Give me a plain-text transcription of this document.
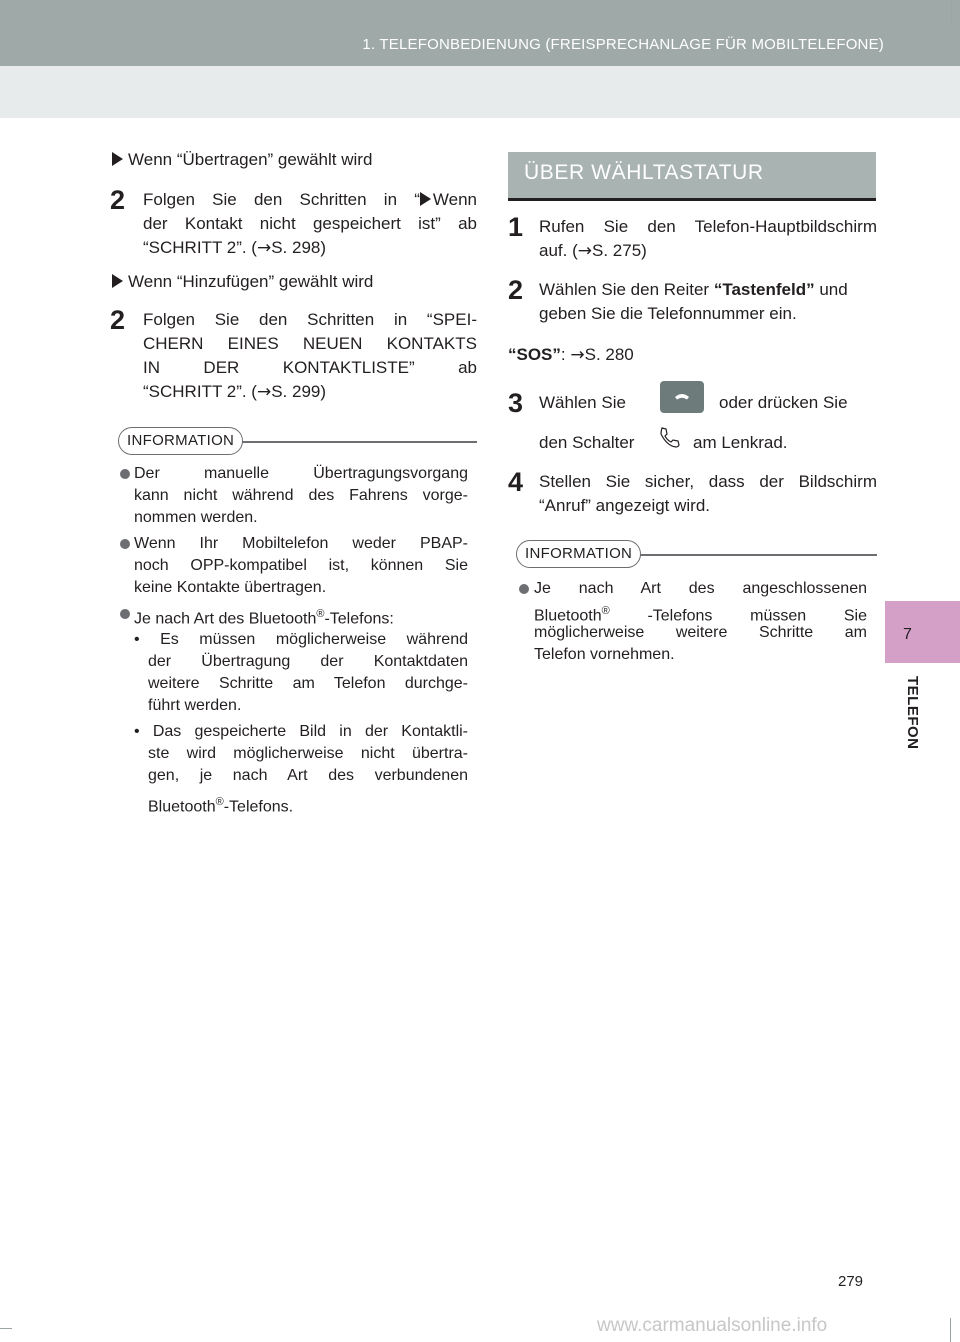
1. TELEFONBEDIENUNG (FREISPRECHANLAGE FÜR MOBILTELEFONE)
7
TELEFON
Wenn “Übertragen” gewählt wird
2 Folgen Sie den Schritten in “ Wenn
der Kontakt nicht gespeichert ist” ab
“SCHRITT 2”. (→S. 298)
Wenn “Hinzufügen” gewählt wird
2 Folgen Sie den Schritten in “SPEI-
CHERN EINES NEUEN KONTAKTS
IN DER KONTAKTLISTE” ab
“SCHRITT 2”. (→S. 299)
INFORMATION
Der manuelle Übertragungsvorgang
kann nicht während des Fahrens vorge-
nommen werden.
Wenn Ihr Mobiltelefon weder PBAP-
noch OPP-kompatibel ist, können Sie
keine Kontakte übertragen.
Je nach Art des Bluetooth®-Telefons:
• Es müssen möglicherweise während
der Übertragung der Kontaktdaten
weitere Schritte am Telefon durchge-
führt werden.
• Das gespeicherte Bild in der Kontaktli-
ste wird möglicherweise nicht übertra-
gen, je nach Art des verbundenen
Bluetooth®-Telefons.
ÜBER WÄHLTASTATUR
1 Rufen Sie den Telefon-Hauptbildschirm
auf. (→S. 275)
2 Wählen Sie den Reiter “Tastenfeld” und
geben Sie die Telefonnummer ein.
“SOS”: →S. 280
3 Wählen Sie	oder drücken Sie
den Schalter	am Lenkrad.
4 Stellen Sie sicher, dass der Bildschirm
“Anruf” angezeigt wird.
INFORMATION
Je nach Art des angeschlossenen
Bluetooth® -Telefons müssen Sie
möglicherweise weitere Schritte am
Telefon vornehmen.
279
www.carmanualsonline.info
